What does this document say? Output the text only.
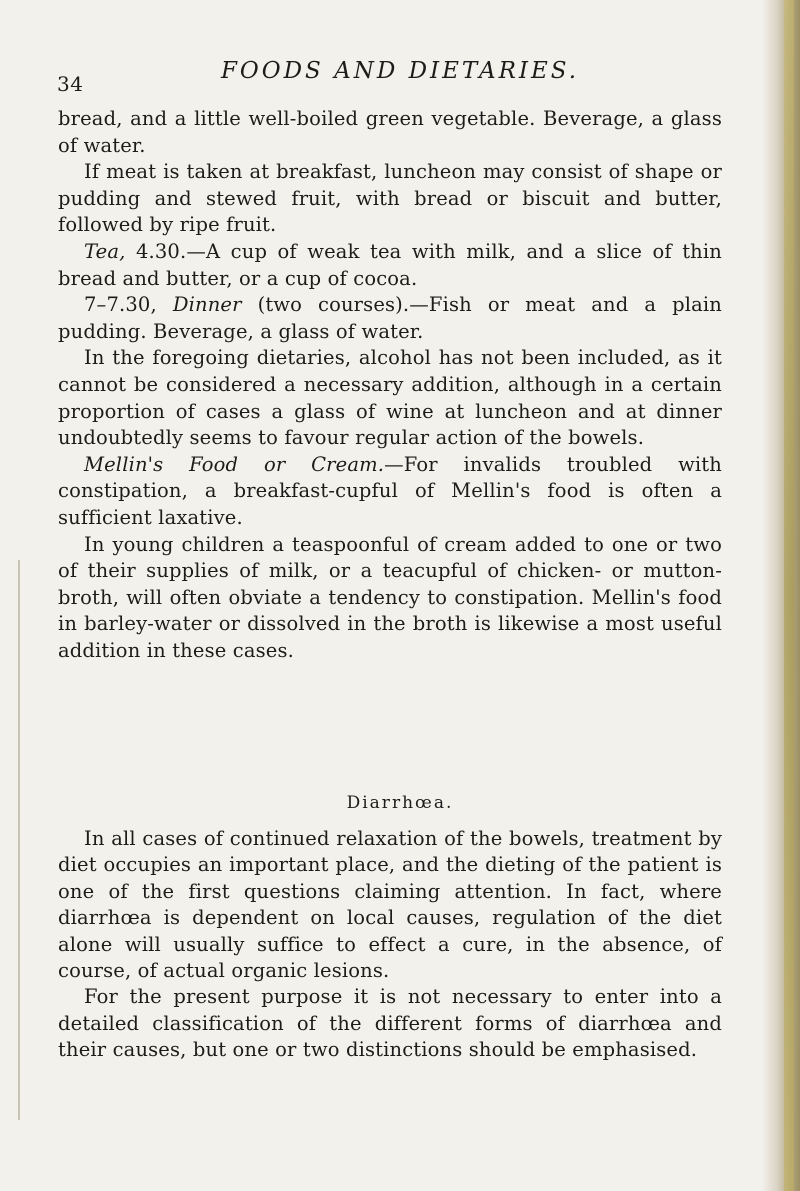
34	FOODS AND DIETARIES.

bread, and a little well-boiled green vegetable. Beverage, a glass of water.

If meat is taken at breakfast, luncheon may consist of shape or pudding and stewed fruit, with bread or biscuit and butter, followed by ripe fruit.

Tea, 4.30.—A cup of weak tea with milk, and a slice of thin bread and butter, or a cup of cocoa.

7–7.30, Dinner (two courses).—Fish or meat and a plain pudding. Beverage, a glass of water.

In the foregoing dietaries, alcohol has not been included, as it cannot be considered a necessary addition, although in a certain proportion of cases a glass of wine at luncheon and at dinner undoubtedly seems to favour regular action of the bowels.

Mellin's Food or Cream.—For invalids troubled with constipation, a breakfast-cupful of Mellin's food is often a sufficient laxative.

In young children a teaspoonful of cream added to one or two of their supplies of milk, or a teacupful of chicken- or mutton-broth, will often obviate a tendency to constipation. Mellin's food in barley-water or dissolved in the broth is likewise a most useful addition in these cases.

Diarrhœa.

In all cases of continued relaxation of the bowels, treatment by diet occupies an important place, and the dieting of the patient is one of the first questions claiming attention. In fact, where diarrhœa is dependent on local causes, regulation of the diet alone will usually suffice to effect a cure, in the absence, of course, of actual organic lesions.

For the present purpose it is not necessary to enter into a detailed classification of the different forms of diarrhœa and their causes, but one or two distinctions should be emphasised.
